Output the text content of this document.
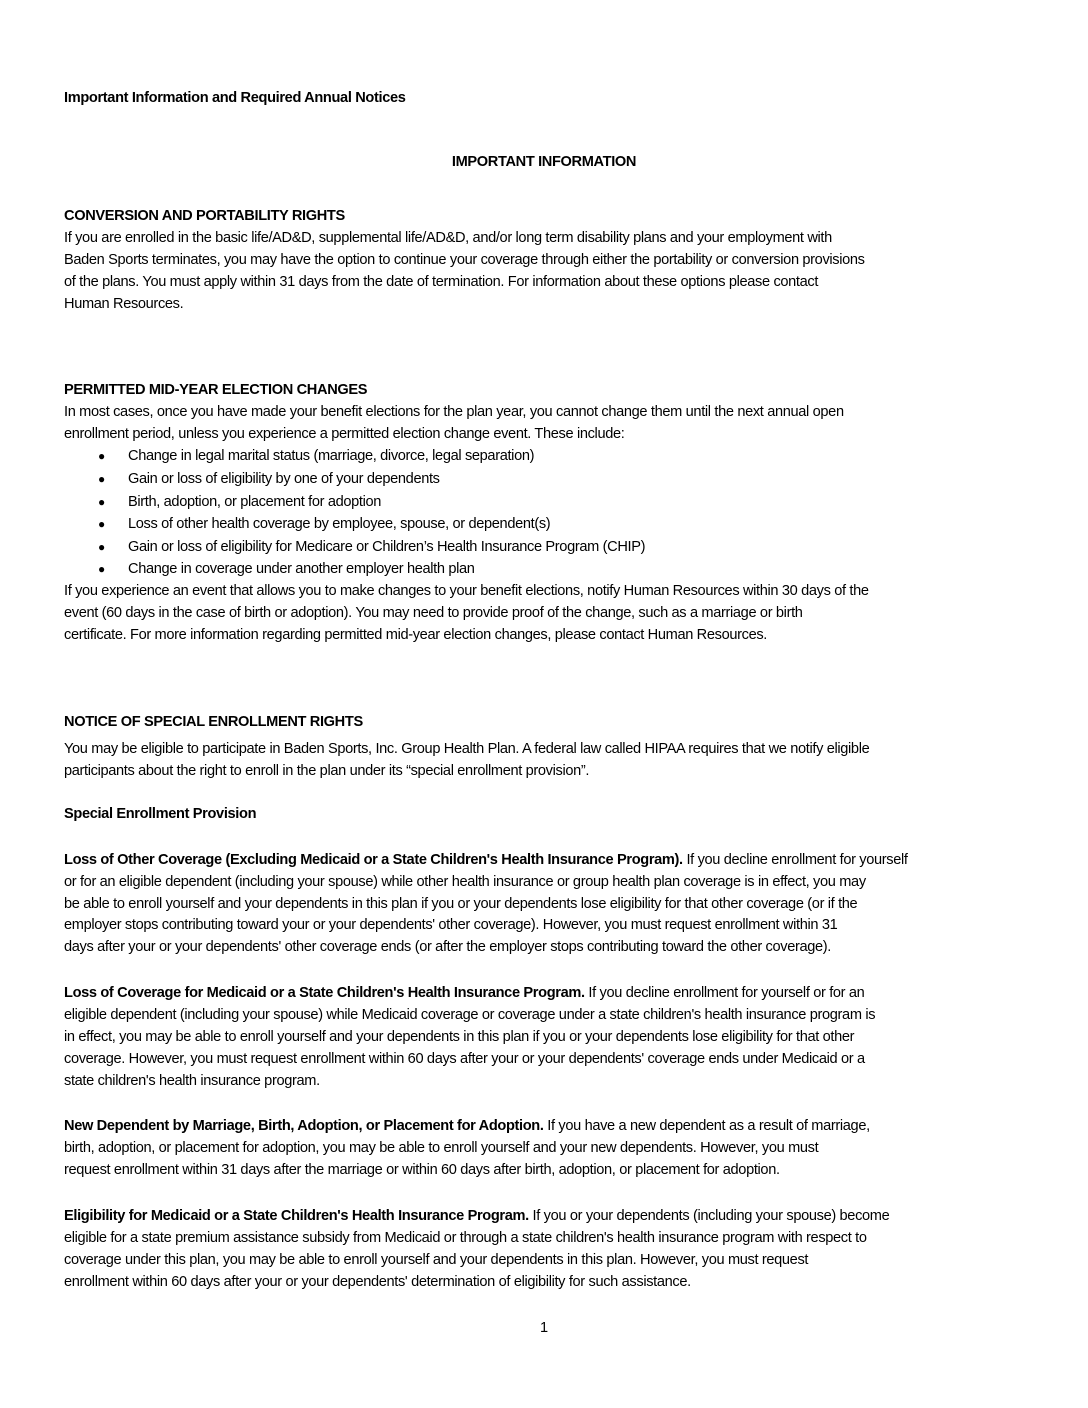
Important Information and Required Annual Notices
IMPORTANT INFORMATION
CONVERSION AND PORTABILITY RIGHTS
If you are enrolled in the basic life/AD&D, supplemental life/AD&D, and/or long term disability plans and your employment with
Baden Sports terminates, you may have the option to continue your coverage through either the portability or conversion provisions
of the plans. You must apply within 31 days from the date of termination. For information about these options please contact
Human Resources.
PERMITTED MID-YEAR ELECTION CHANGES
In most cases, once you have made your benefit elections for the plan year, you cannot change them until the next annual open
enrollment period, unless you experience a permitted election change event. These include:
● Change in legal marital status (marriage, divorce, legal separation)
● Gain or loss of eligibility by one of your dependents
● Birth, adoption, or placement for adoption
● Loss of other health coverage by employee, spouse, or dependent(s)
● Gain or loss of eligibility for Medicare or Children’s Health Insurance Program (CHIP)
● Change in coverage under another employer health plan
If you experience an event that allows you to make changes to your benefit elections, notify Human Resources within 30 days of the
event (60 days in the case of birth or adoption). You may need to provide proof of the change, such as a marriage or birth
certificate. For more information regarding permitted mid-year election changes, please contact Human Resources.
NOTICE OF SPECIAL ENROLLMENT RIGHTS
You may be eligible to participate in Baden Sports, Inc. Group Health Plan. A federal law called HIPAA requires that we notify eligible
participants about the right to enroll in the plan under its “special enrollment provision”.
Special Enrollment Provision
Loss of Other Coverage (Excluding Medicaid or a State Children's Health Insurance Program). If you decline enrollment for yourself
or for an eligible dependent (including your spouse) while other health insurance or group health plan coverage is in effect, you may
be able to enroll yourself and your dependents in this plan if you or your dependents lose eligibility for that other coverage (or if the
employer stops contributing toward your or your dependents' other coverage). However, you must request enrollment within 31
days after your or your dependents' other coverage ends (or after the employer stops contributing toward the other coverage).
Loss of Coverage for Medicaid or a State Children's Health Insurance Program. If you decline enrollment for yourself or for an
eligible dependent (including your spouse) while Medicaid coverage or coverage under a state children's health insurance program is
in effect, you may be able to enroll yourself and your dependents in this plan if you or your dependents lose eligibility for that other
coverage. However, you must request enrollment within 60 days after your or your dependents' coverage ends under Medicaid or a
state children's health insurance program.
New Dependent by Marriage, Birth, Adoption, or Placement for Adoption. If you have a new dependent as a result of marriage,
birth, adoption, or placement for adoption, you may be able to enroll yourself and your new dependents. However, you must
request enrollment within 31 days after the marriage or within 60 days after birth, adoption, or placement for adoption.
Eligibility for Medicaid or a State Children's Health Insurance Program. If you or your dependents (including your spouse) become
eligible for a state premium assistance subsidy from Medicaid or through a state children's health insurance program with respect to
coverage under this plan, you may be able to enroll yourself and your dependents in this plan. However, you must request
enrollment within 60 days after your or your dependents' determination of eligibility for such assistance.
1
